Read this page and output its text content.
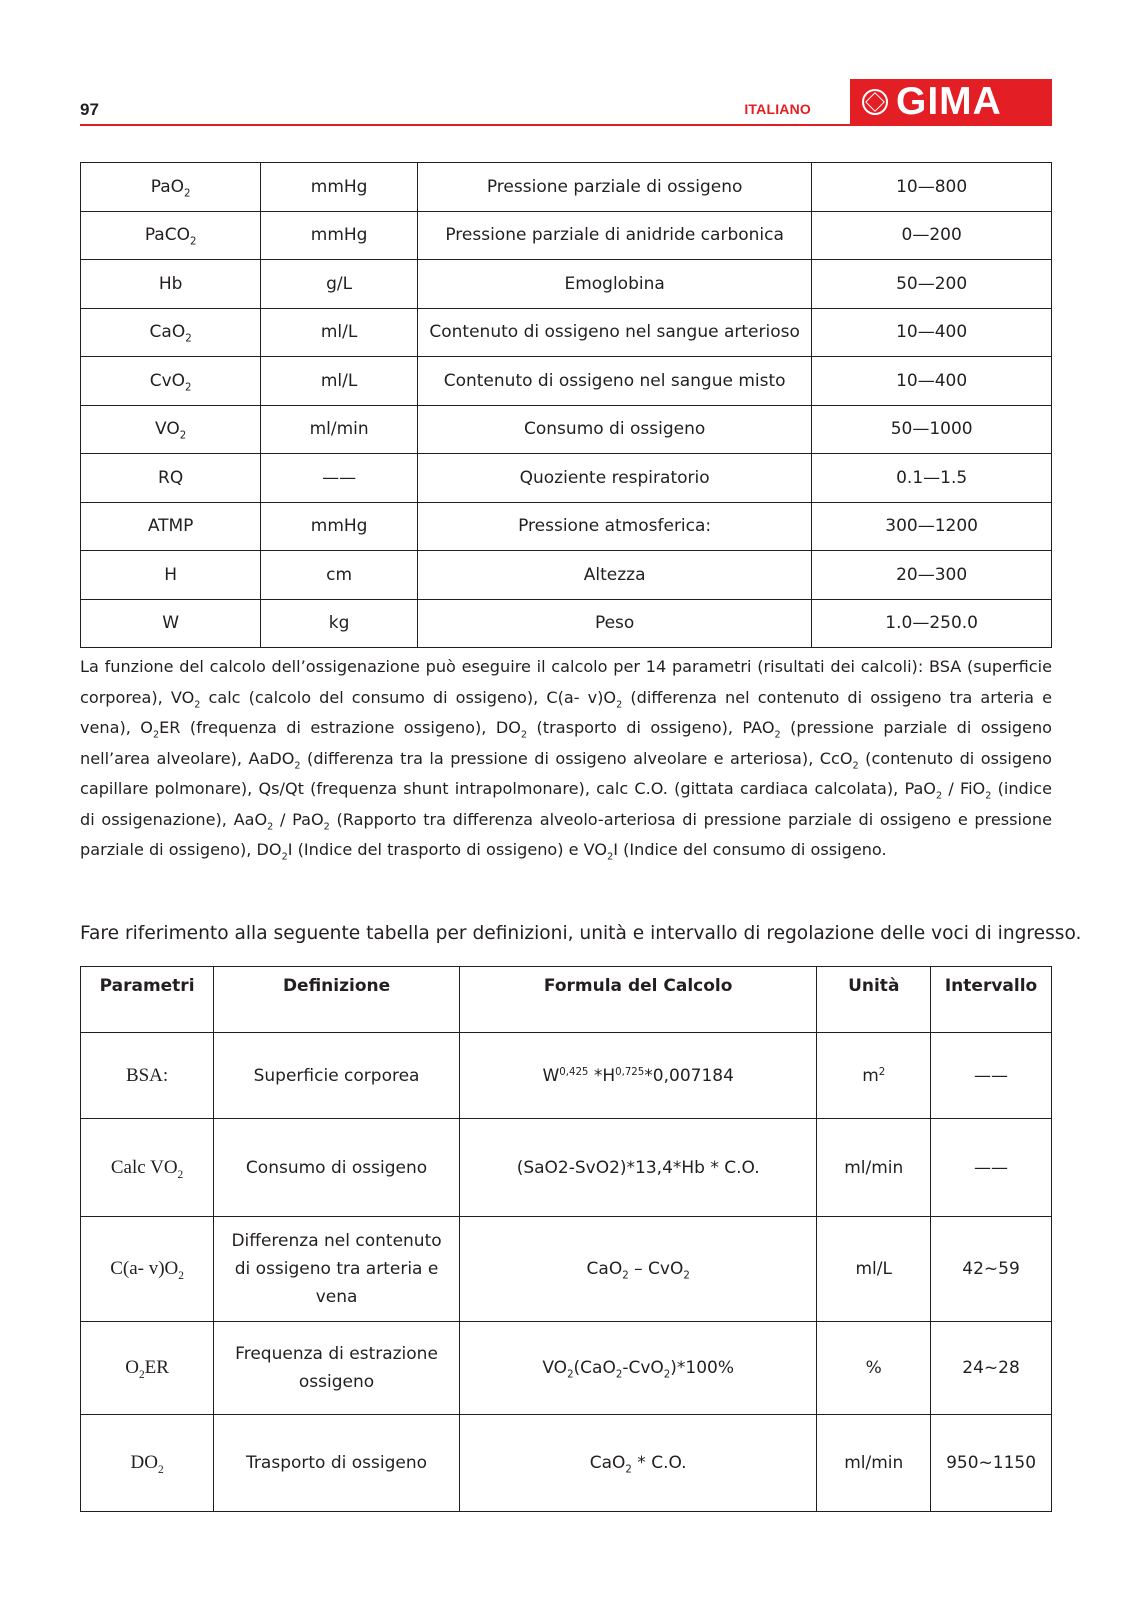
97	ITALIANO GIMA
PaO$_2$	mmHg	Pressione parziale di ossigeno	10—800
PaCO$_2$	mmHg	Pressione parziale di anidride carbonica	0—200
Hb	g/L	Emoglobina	50—200
CaO$_2$	ml/L	Contenuto di ossigeno nel sangue arterioso	10—400
CvO$_2$	ml/L	Contenuto di ossigeno nel sangue misto	10—400
$VO_2$	ml/min	Consumo di ossigeno	50—1000
RQ	——	Quoziente respiratorio	0.1—1.5
ATMP	mmHg	Pressione atmosferica:	300—1200
H	cm	Altezza	20—300
W	kg	Peso	1.0—250.0

La funzione del calcolo dell’ossigenazione può eseguire il calcolo per 14 parametri (risultati dei calcoli): BSA (superficie corporea), $VO_2$ calc (calcolo del consumo di ossigeno), C(a- $v)O_2$ (differenza nel contenuto di ossigeno tra arteria e vena), $O_2ER$ (frequenza di estrazione ossigeno), $DO_2$ (trasporto di ossigeno), $PAO_2$ (pressione parziale di ossigeno nell’area alveolare), AaDO$_2$ (differenza tra la pressione di ossigeno alveolare e arteriosa), CcO$_2$ (contenuto di ossigeno capillare polmonare), Qs/Qt (frequenza shunt intrapolmonare), calc C.O. (gittata cardiaca calcolata), PaO$_2$ / FiO$_2$ (indice di ossigenazione), AaO$_2$ / PaO$_2$ (Rapporto tra differenza alveolo-arteriosa di pressione parziale di ossigeno e pressione parziale di ossigeno), $DO_2I$ (Indice del trasporto di ossigeno) e $VO_2I$ (Indice del consumo di ossigeno.

Fare riferimento alla seguente tabella per definizioni, unità e intervallo di regolazione delle voci di ingresso.

Parametri	Definizione	Formula del Calcolo	Unità	Intervallo
BSA:	Superficie corporea	W$^{0,425}$ $*H^{0,725}*0,007184$	$m^2$	——
Calc $VO_2$	Consumo di ossigeno	(SaO2-SvO2)*13,4*Hb * C.O.	ml/min	——
C(a- $v)O_2$	Differenza nel contenuto di ossigeno tra arteria e vena	CaO$_2$ – CvO$_2$	ml/L	42~59
$O_2ER$	Frequenza di estrazione ossigeno	$VO_2(CaO_2-CvO_2)*100\%$	%	24~28
$DO_2$	Trasporto di ossigeno	CaO$_2$ * C.O.	ml/min	950~1150
